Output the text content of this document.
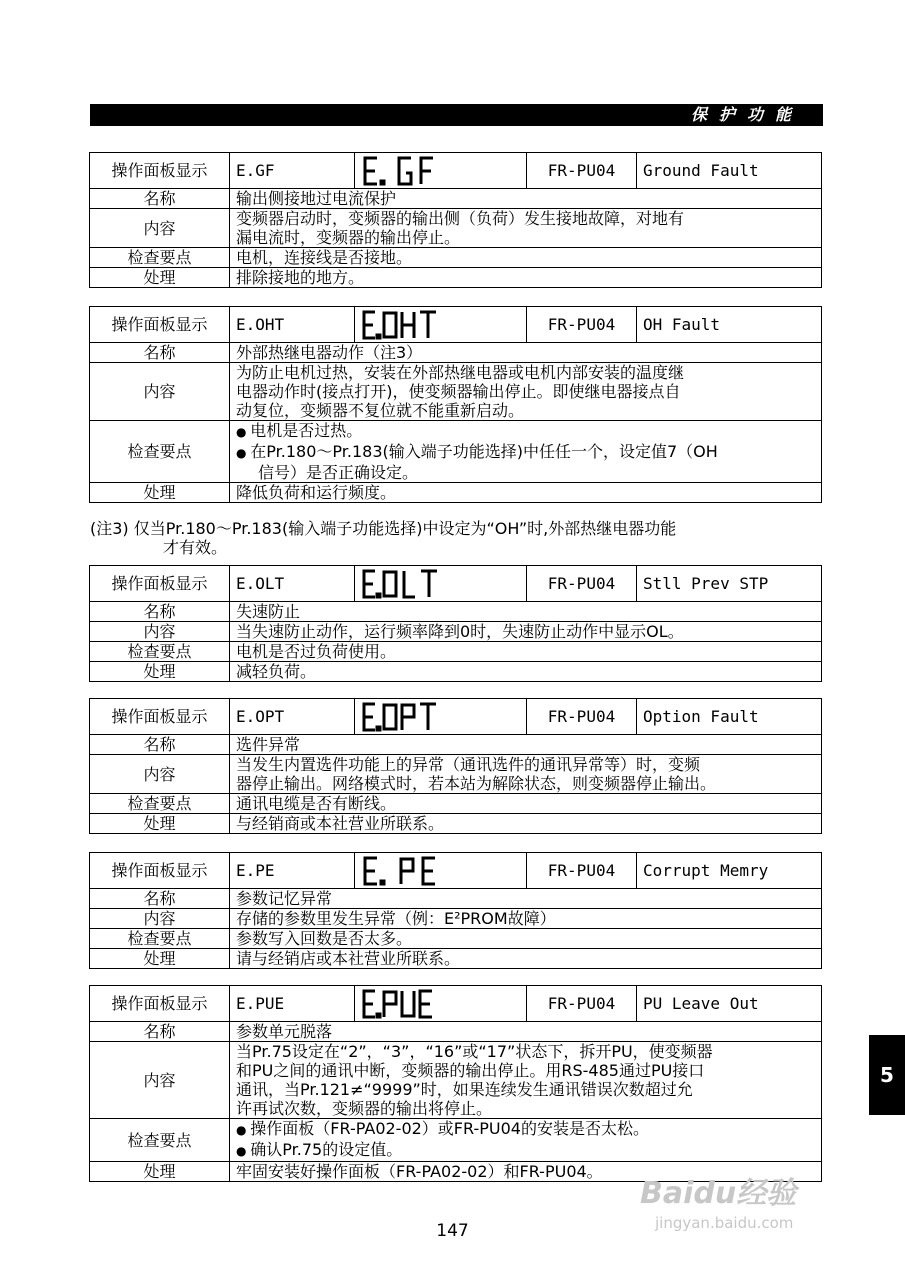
保护功能
操作面板显示	E.GF		FR-PU04	Ground Fault
名称	输出侧接地过电流保护			
内容	变频器启动时，变频器的输出侧（负荷）发生接地故障，对地有
漏电流时，变频器的输出停止。			

检查要点	电机，连接线是否接地。			
处理	排除接地的地方。			
操作面板显示	E.OHT		FR-PU04	OH Fault
名称	外部热继电器动作（注3）			
内容	为防止电机过热，安装在外部热继电器或电机内部安装的温度继
电器动作时(接点打开)，使变频器输出停止。即使继电器接点自
动复位，变频器不复位就不能重新启动。			

检查要点	● 电机是否过热。
● 在Pr.180～Pr.183(输入端子功能选择)中任任一个，设定值7（OH
信号）是否正确设定。

处理	降低负荷和运行频度。			
(注3) 仅当Pr.180～Pr.183(输入端子功能选择)中设定为“OH”时,外部热继电器功能
才有效。
操作面板显示	E.OLT		FR-PU04	Stll Prev STP
名称	失速防止			
内容	当失速防止动作，运行频率降到0时，失速防止动作中显示OL。			
检查要点	电机是否过负荷使用。			
处理	减轻负荷。			
操作面板显示	E.OPT		FR-PU04	Option Fault
名称	选件异常			
内容	当发生内置选件功能上的异常（通讯选件的通讯异常等）时，变频
器停止输出。网络模式时，若本站为解除状态，则变频器停止输出。			

检查要点	通讯电缆是否有断线。			
处理	与经销商或本社营业所联系。			
操作面板显示	E.PE		FR-PU04	Corrupt Memry
名称	参数记忆异常			
内容	存储的参数里发生异常（例：E²PROM故障）			
检查要点	参数写入回数是否太多。			
处理	请与经销店或本社营业所联系。			
操作面板显示	E.PUE		FR-PU04	PU Leave Out
名称	参数单元脱落			
内容	当Pr.75设定在“2”，“3”，“16”或“17”状态下，拆开PU，使变频器
和PU之间的通讯中断，变频器的输出停止。用RS-485通过PU接口
通讯，当Pr.121≠“9999”时，如果连续发生通讯错误次数超过允
许再试次数，变频器的输出将停止。			

检查要点	● 操作面板（FR-PA02-02）或FR-PU04的安装是否太松。
● 确认Pr.75的设定值。

处理	牢固安装好操作面板（FR-PA02-02）和FR-PU04。			
5
147
Baidu经验
jingyan.baidu.com
